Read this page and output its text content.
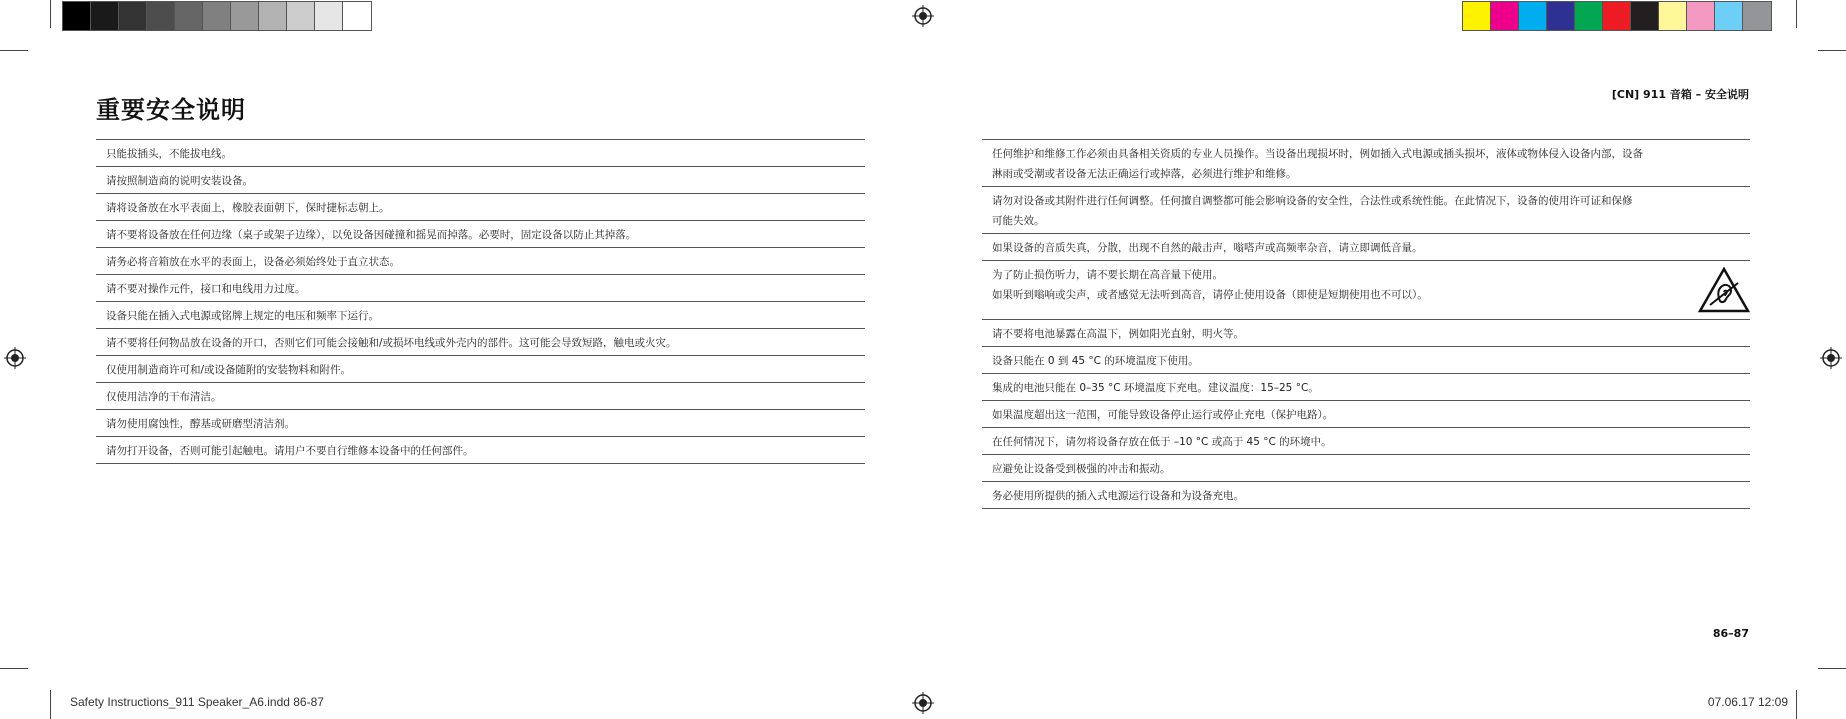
重要安全说明
[CN] 911 音箱 – 安全说明
只能拔插头，不能拔电线。
请按照制造商的说明安装设备。
请将设备放在水平表面上，橡胶表面朝下，保时捷标志朝上。
请不要将设备放在任何边缘（桌子或架子边缘），以免设备因碰撞和摇晃而掉落。必要时，固定设备以防止其掉落。
请务必将音箱放在水平的表面上，设备必须始终处于直立状态。
请不要对操作元件，接口和电线用力过度。
设备只能在插入式电源或铭牌上规定的电压和频率下运行。
请不要将任何物品放在设备的开口，否则它们可能会接触和/或损坏电线或外壳内的部件。这可能会导致短路，触电或火灾。
仅使用制造商许可和/或设备随附的安装物料和附件。
仅使用洁净的干布清洁。
请勿使用腐蚀性，醇基或研磨型清洁剂。
请勿打开设备，否则可能引起触电。请用户不要自行维修本设备中的任何部件。
任何维护和维修工作必须由具备相关资质的专业人员操作。当设备出现损坏时，例如插入式电源或插头损坏，液体或物体侵入设备内部，设备
淋雨或受潮或者设备无法正确运行或掉落，必须进行维护和维修。
请勿对设备或其附件进行任何调整。任何擅自调整都可能会影响设备的安全性，合法性或系统性能。在此情况下，设备的使用许可证和保修
可能失效。
如果设备的音质失真，分散，出现不自然的敲击声，嗡嗒声或高频率杂音，请立即调低音量。
为了防止损伤听力，请不要长期在高音量下使用。
如果听到嗡响或尖声，或者感觉无法听到高音，请停止使用设备（即使是短期使用也不可以）。
请不要将电池暴露在高温下，例如阳光直射，明火等。
设备只能在 0 到 45 °C 的环境温度下使用。
集成的电池只能在 0–35 °C 环境温度下充电。建议温度：15–25 °C。
如果温度超出这一范围，可能导致设备停止运行或停止充电（保护电路）。
在任何情况下，请勿将设备存放在低于 –10 °C 或高于 45 °C 的环境中。
应避免让设备受到极强的冲击和振动。
务必使用所提供的插入式电源运行设备和为设备充电。
86–87
Safety Instructions_911 Speaker_A6.indd 86-87	07.06.17 12:09
